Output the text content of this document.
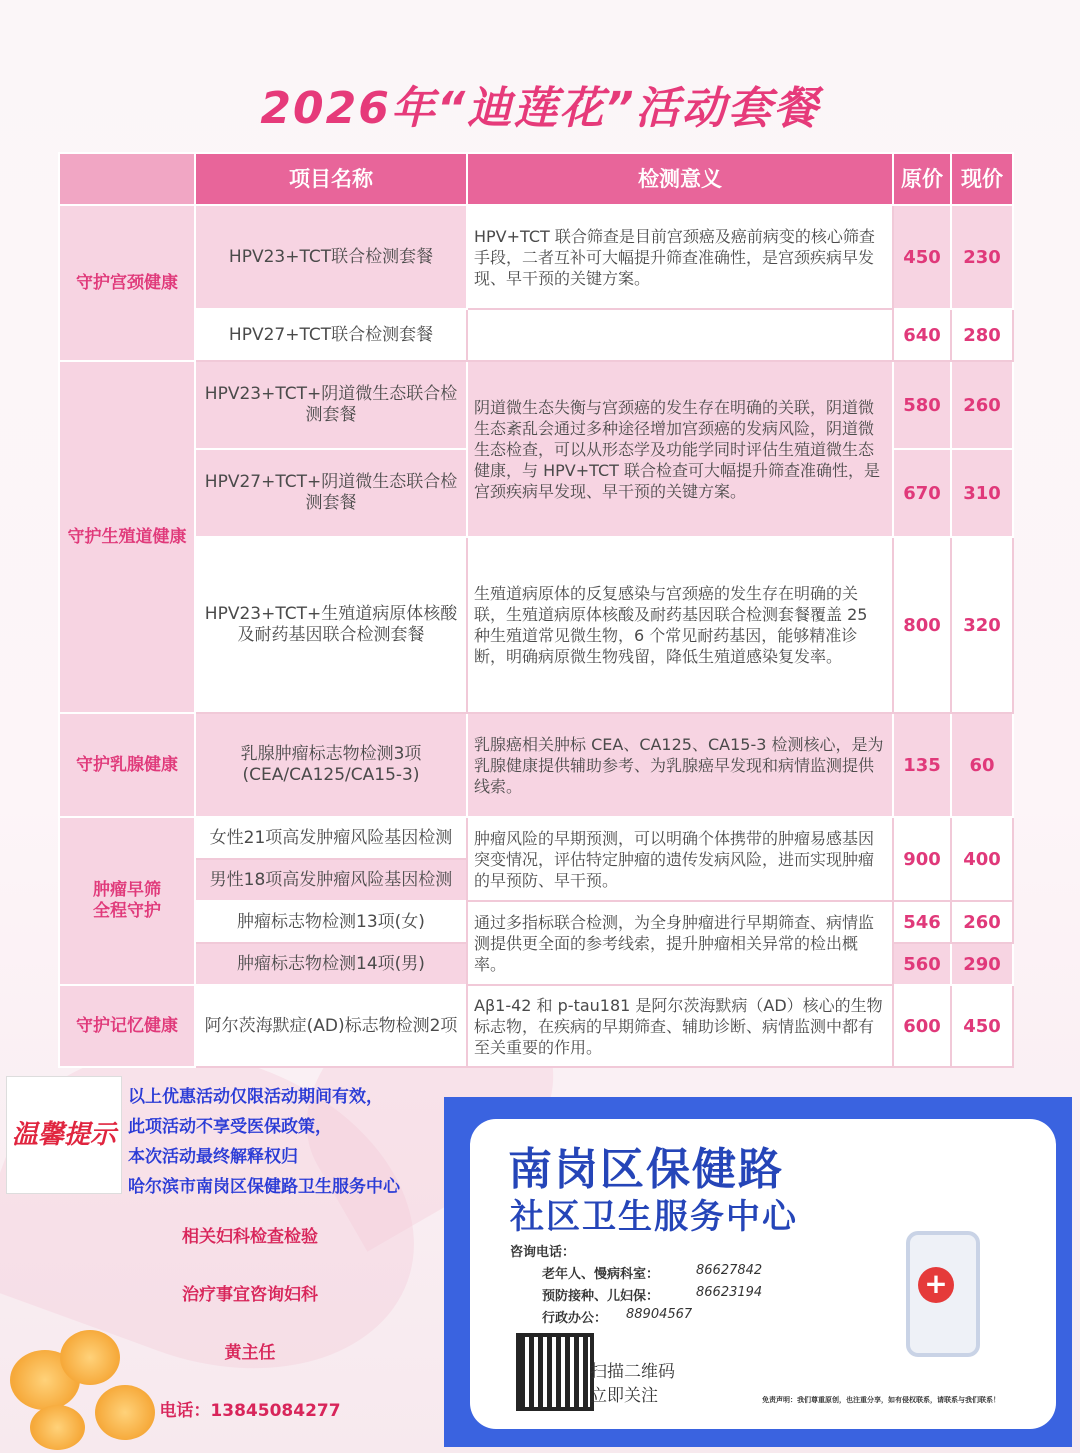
2026年“迪莲花”活动套餐
	项目名称	检测意义	原价	现价
守护宫颈健康	HPV23+TCT联合检测套餐	HPV+TCT 联合筛查是目前宫颈癌及癌前病变的核心筛查手段，二者互补可大幅提升筛查准确性，是宫颈疾病早发现、早干预的关键方案。	450	230
	HPV27+TCT联合检测套餐		640	280
守护生殖道健康	HPV23+TCT+阴道微生态联合检测套餐	阴道微生态失衡与宫颈癌的发生存在明确的关联，阴道微生态紊乱会通过多种途径增加宫颈癌的发病风险，阴道微生态检查，可以从形态学及功能学同时评估生殖道微生态健康，与 HPV+TCT 联合检查可大幅提升筛查准确性，是宫颈疾病早发现、早干预的关键方案。	580	260
	HPV27+TCT+阴道微生态联合检测套餐		670	310
	HPV23+TCT+生殖道病原体核酸及耐药基因联合检测套餐	生殖道病原体的反复感染与宫颈癌的发生存在明确的关联，生殖道病原体核酸及耐药基因联合检测套餐覆盖 25 种生殖道常见微生物，6 个常见耐药基因，能够精准诊断，明确病原微生物残留，降低生殖道感染复发率。	800	320
守护乳腺健康	乳腺肿瘤标志物检测3项(CEA/CA125/CA15-3)	乳腺癌相关肿标 CEA、CA125、CA15-3 检测核心，是为乳腺健康提供辅助参考、为乳腺癌早发现和病情监测提供线索。	135	60
肿瘤早筛
全程守护	女性21项高发肿瘤风险基因检测	肿瘤风险的早期预测，可以明确个体携带的肿瘤易感基因突变情况，评估特定肿瘤的遗传发病风险，进而实现肿瘤的早预防、早干预。	900	400
	男性18项高发肿瘤风险基因检测			
	肿瘤标志物检测13项(女)	通过多指标联合检测，为全身肿瘤进行早期筛查、病情监测提供更全面的参考线索，提升肿瘤相关异常的检出概率。	546	260
	肿瘤标志物检测14项(男)		560	290
守护记忆健康	阿尔茨海默症(AD)标志物检测2项	Aβ1-42 和 p-tau181 是阿尔茨海默病（AD）核心的生物标志物，在疾病的早期筛查、辅助诊断、病情监测中都有至关重要的作用。	600	450
温馨提示
以上优惠活动仅限活动期间有效，
此项活动不享受医保政策，
本次活动最终解释权归
哈尔滨市南岗区保健路卫生服务中心
相关妇科检查检验
治疗事宜咨询妇科
黄主任
电话：13845084277
南岗区保健路
社区卫生服务中心
咨询电话：
老年人、慢病科室：	86627842
预防接种、儿妇保：	86623194
行政办公： 88904567
扫描二维码
立即关注	免责声明：我们尊重原创，也注重分享，如有侵权联系，请联系与我们联系！
+
